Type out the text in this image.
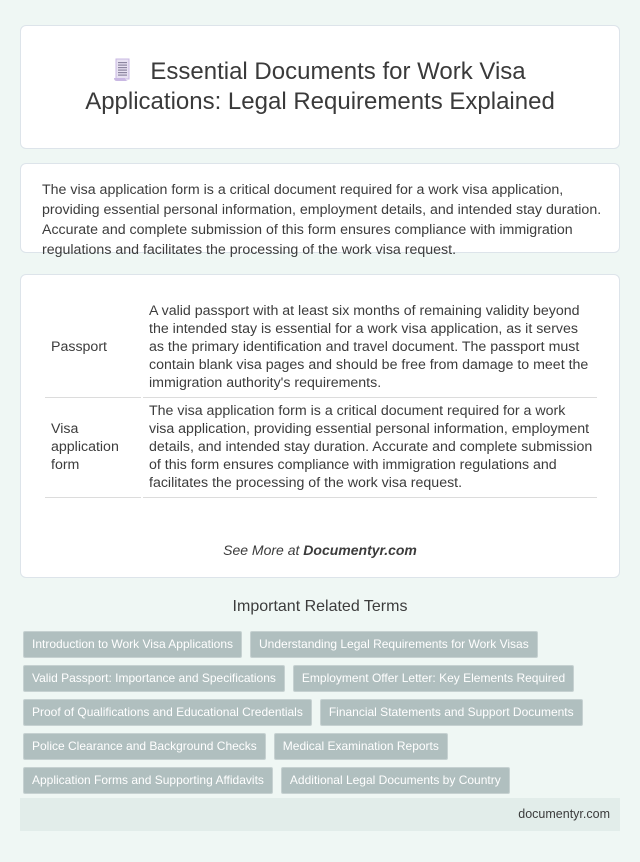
Essential Documents for Work Visa Applications: Legal Requirements Explained

The visa application form is a critical document required for a work visa application, providing essential personal information, employment details, and intended stay duration. Accurate and complete submission of this form ensures compliance with immigration regulations and facilitates the processing of the work visa request.

Passport	A valid passport with at least six months of remaining validity beyond the intended stay is essential for a work visa application, as it serves as the primary identification and travel document. The passport must contain blank visa pages and should be free from damage to meet the immigration authority's requirements.
Visa application form	The visa application form is a critical document required for a work visa application, providing essential personal information, employment details, and intended stay duration. Accurate and complete submission of this form ensures compliance with immigration regulations and facilitates the processing of the work visa request.
See More at Documentyr.com
Important Related Terms
Introduction to Work Visa Applications	Understanding Legal Requirements for Work Visas
Valid Passport: Importance and Specifications	Employment Offer Letter: Key Elements Required
Proof of Qualifications and Educational Credentials	Financial Statements and Support Documents
Police Clearance and Background Checks	Medical Examination Reports
Application Forms and Supporting Affidavits	Additional Legal Documents by Country
documentyr.com
